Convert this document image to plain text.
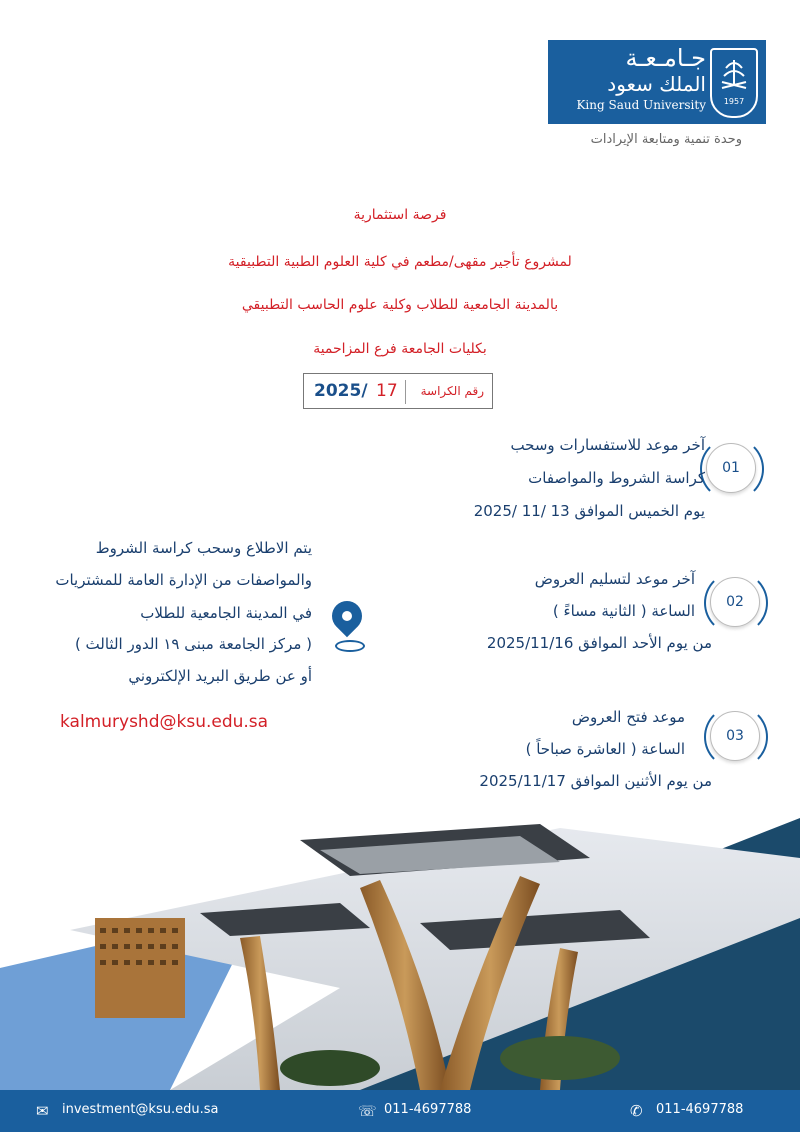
جـامـعـة
الملك سعود
King Saud University	1957
وحدة تنمية ومتابعة الإيرادات
فرصة استثمارية
لمشروع تأجير مقهى/مطعم في كلية العلوم الطبية التطبيقية
بالمدينة الجامعية للطلاب وكلية علوم الحاسب التطبيقي
بكليات الجامعة فرع المزاحمية
2025/ 17 رقم الكراسة
01
آخر موعد للاستفسارات وسحب
كراسة الشروط والمواصفات
يوم الخميس الموافق 13 /11 /2025
02
آخر موعد لتسليم العروض
الساعة ( الثانية مساءً )
من يوم الأحد الموافق 2025/11/16
03
موعد فتح العروض
الساعة ( العاشرة صباحاً )
من يوم الأثنين الموافق 2025/11/17
يتم الاطلاع وسحب كراسة الشروط
والمواصفات من الإدارة العامة للمشتريات
في المدينة الجامعية للطلاب
( مركز الجامعة مبنى ١٩ الدور الثالث )
أو عن طريق البريد الإلكتروني
kalmuryshd@ksu.edu.sa
✉ investment@ksu.edu.sa	☏ 011-4697788	✆ 011-4697788
